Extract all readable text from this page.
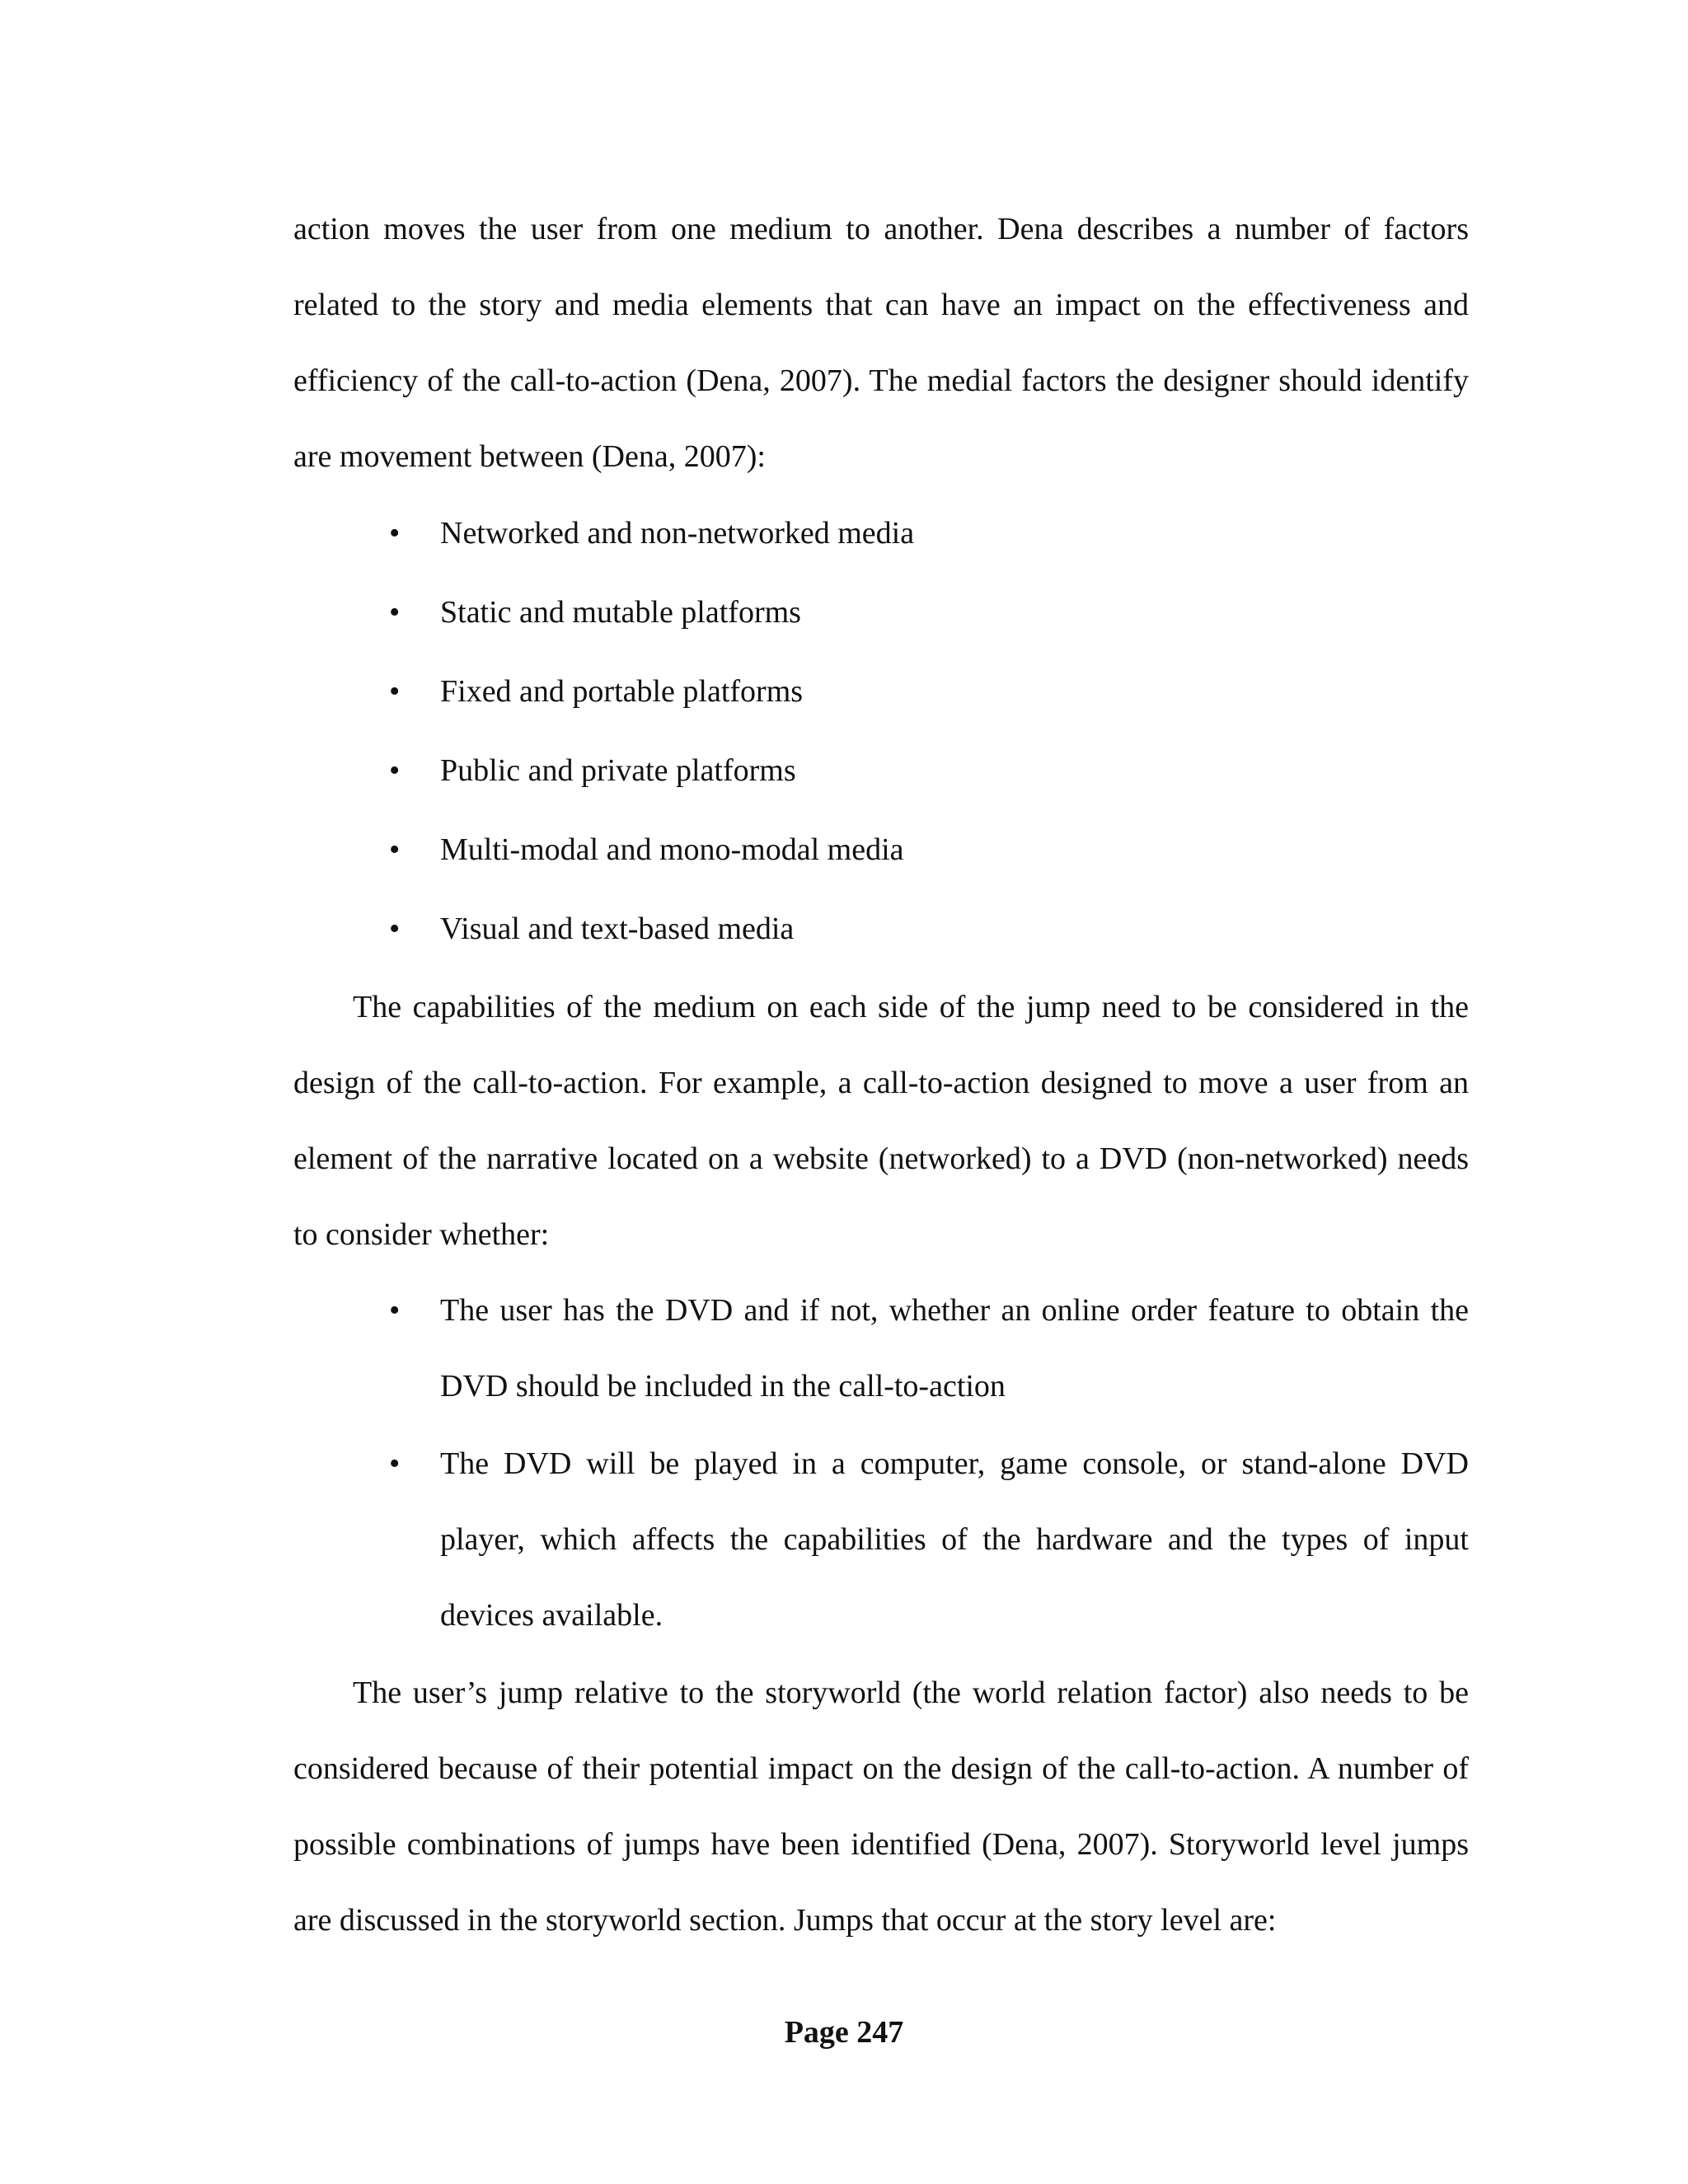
action moves the user from one medium to another. Dena describes a number of factors related to the story and media elements that can have an impact on the effectiveness and efficiency of the call-to-action (Dena, 2007). The medial factors the designer should identify are movement between (Dena, 2007):

• Networked and non-networked media
• Static and mutable platforms
• Fixed and portable platforms
• Public and private platforms
• Multi-modal and mono-modal media
• Visual and text-based media

The capabilities of the medium on each side of the jump need to be considered in the design of the call-to-action. For example, a call-to-action designed to move a user from an element of the narrative located on a website (networked) to a DVD (non-networked) needs to consider whether:

• The user has the DVD and if not, whether an online order feature to obtain the DVD should be included in the call-to-action
• The DVD will be played in a computer, game console, or stand-alone DVD player, which affects the capabilities of the hardware and the types of input devices available.

The user’s jump relative to the storyworld (the world relation factor) also needs to be considered because of their potential impact on the design of the call-to-action. A number of possible combinations of jumps have been identified (Dena, 2007). Storyworld level jumps are discussed in the storyworld section. Jumps that occur at the story level are:

Page 247
